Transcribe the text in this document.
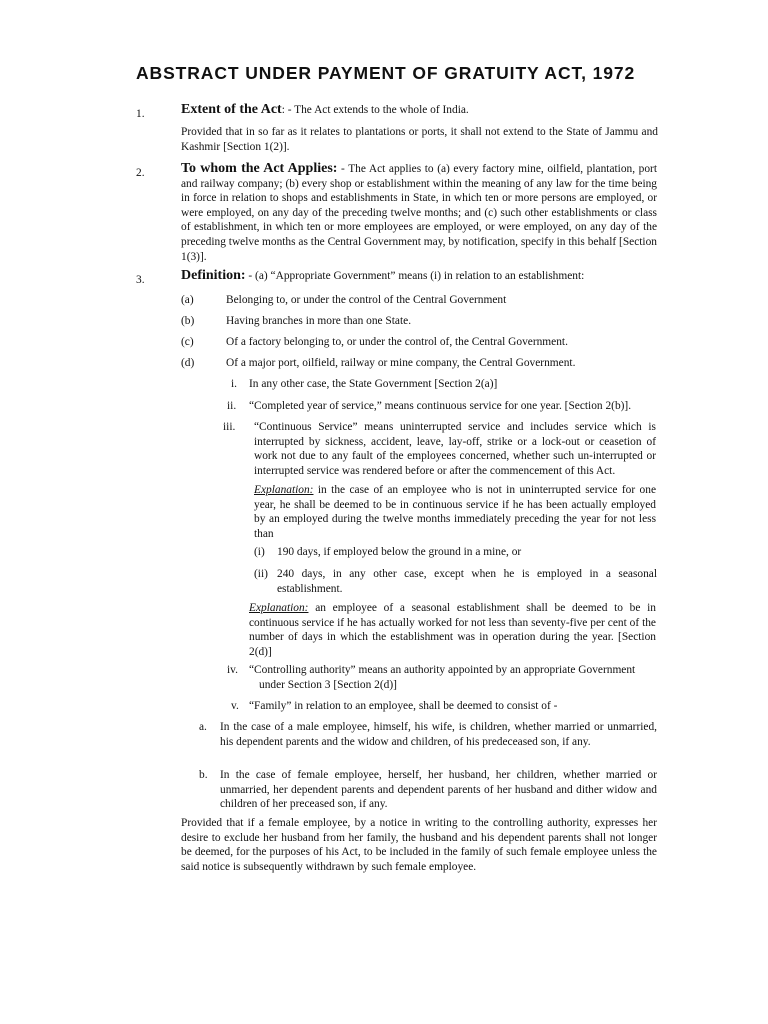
ABSTRACT UNDER PAYMENT OF GRATUITY ACT, 1972
1.	Extent of the Act: - The Act extends to the whole of India.
Provided that in so far as it relates to plantations or ports, it shall not extend to the State of Jammu and Kashmir [Section 1(2)].
2.	To whom the Act Applies: - The Act applies to (a) every factory mine, oilfield, plantation, port and railway company; (b) every shop or establishment within the meaning of any law for the time being in force in relation to shops and establishments in State, in which ten or more persons are employed, or were employed, on any day of the preceding twelve months; and (c) such other establishments or class of establishment, in which ten or more employees are employed, or were employed, on any day of the preceding twelve months as the Central Government may, by notification, specify in this behalf [Section 1(3)].
3.	Definition: - (a) “Appropriate Government” means (i) in relation to an establishment:
(a)	Belonging to, or under the control of the Central Government
(b)	Having branches in more than one State.
(c)	Of a factory belonging to, or under the control of, the Central Government.
(d)	Of a major port, oilfield, railway or mine company, the Central Government.
i. In any other case, the State Government [Section 2(a)]
ii. “Completed year of service,” means continuous service for one year. [Section 2(b)].
iii.	“Continuous Service” means uninterrupted service and includes service which is interrupted by sickness, accident, leave, lay-off, strike or a lock-out or ceasetion of work not due to any fault of the employees concerned, whether such un-interrupted or interrupted service was rendered before or after the commencement of this Act.
Explanation: in the case of an employee who is not in uninterrupted service for one year, he shall be deemed to be in continuous service if he has been actually employed by an employed during the twelve months immediately preceding the year for not less than
(i) 190 days, if employed below the ground in a mine, or
(ii) 240 days, in any other case, except when he is employed in a seasonal establishment.
Explanation: an employee of a seasonal establishment shall be deemed to be in continuous service if he has actually worked for not less than seventy-five per cent of the number of days in which the establishment was in operation during the year. [Section 2(d)]
iv. “Controlling authority” means an authority appointed by an appropriate Government under Section 3 [Section 2(d)]
v. “Family” in relation to an employee, shall be deemed to consist of -
a. In the case of a male employee, himself, his wife, is children, whether married or unmarried, his dependent parents and the widow and children, of his predeceased son, if any.
b. In the case of female employee, herself, her husband, her children, whether married or unmarried, her dependent parents and dependent parents of her husband and dither widow and children of her preceased son, if any.
Provided that if a female employee, by a notice in writing to the controlling authority, expresses her desire to exclude her husband from her family, the husband and his dependent parents shall not longer be deemed, for the purposes of his Act, to be included in the family of such female employee unless the said notice is subsequently withdrawn by such female employee.
